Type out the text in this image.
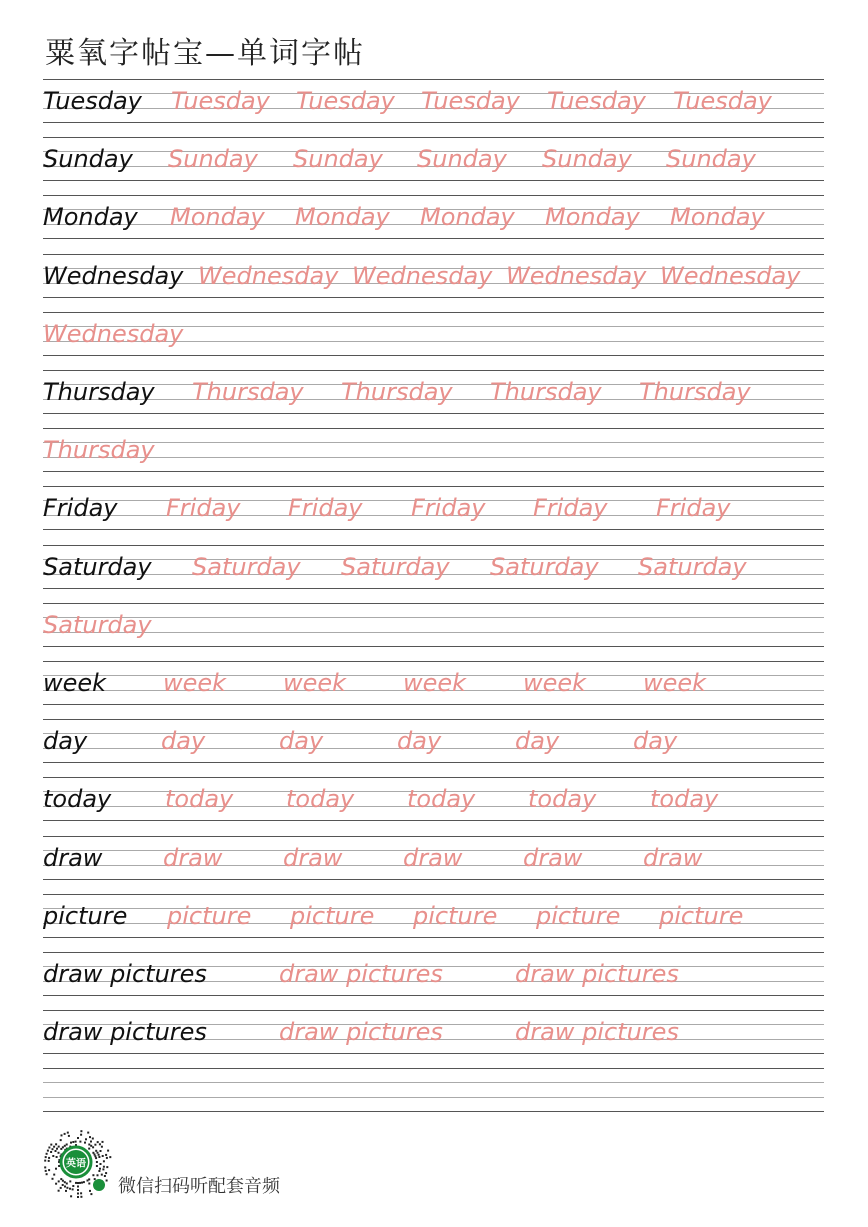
粟氧字帖宝—单词字帖
Tuesday Tuesday Tuesday Tuesday Tuesday Tuesday
Sunday Sunday Sunday Sunday Sunday Sunday
Monday Monday Monday Monday Monday Monday
Wednesday Wednesday Wednesday Wednesday Wednesday
Wednesday
Thursday Thursday Thursday Thursday Thursday
Thursday
Friday Friday Friday Friday Friday Friday
Saturday Saturday Saturday Saturday Saturday
Saturday
week week week week week week
day	day	day	day	day	day
today today today today today today
draw	draw	draw	draw	draw	draw
picture picture picture picture picture picture
draw pictures	draw pictures	draw pictures
draw pictures	draw pictures	draw pictures
英语
微信扫码听配套音频
